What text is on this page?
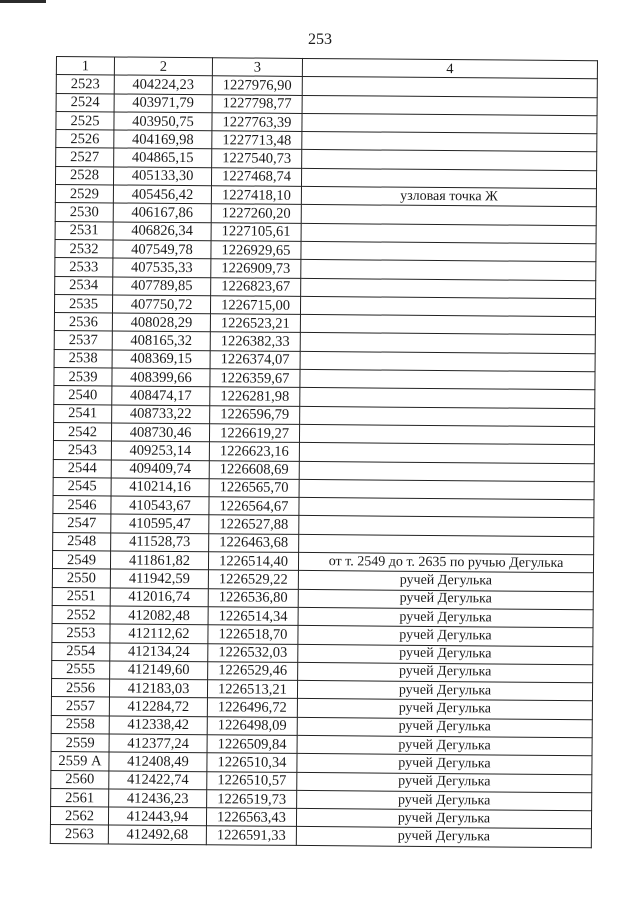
253
1	2	3	4
2523	404224,23	1227976,90	
2524	403971,79	1227798,77	
2525	403950,75	1227763,39	
2526	404169,98	1227713,48	
2527	404865,15	1227540,73	
2528	405133,30	1227468,74	
2529	405456,42	1227418,10	узловая точка Ж
2530	406167,86	1227260,20	
2531	406826,34	1227105,61	
2532	407549,78	1226929,65	
2533	407535,33	1226909,73	
2534	407789,85	1226823,67	
2535	407750,72	1226715,00	
2536	408028,29	1226523,21	
2537	408165,32	1226382,33	
2538	408369,15	1226374,07	
2539	408399,66	1226359,67	
2540	408474,17	1226281,98	
2541	408733,22	1226596,79	
2542	408730,46	1226619,27	
2543	409253,14	1226623,16	
2544	409409,74	1226608,69	
2545	410214,16	1226565,70	
2546	410543,67	1226564,67	
2547	410595,47	1226527,88	
2548	411528,73	1226463,68	
2549	411861,82	1226514,40	от т. 2549 до т. 2635 по ручью Дегулька
2550	411942,59	1226529,22	ручей Дегулька
2551	412016,74	1226536,80	ручей Дегулька
2552	412082,48	1226514,34	ручей Дегулька
2553	412112,62	1226518,70	ручей Дегулька
2554	412134,24	1226532,03	ручей Дегулька
2555	412149,60	1226529,46	ручей Дегулька
2556	412183,03	1226513,21	ручей Дегулька
2557	412284,72	1226496,72	ручей Дегулька
2558	412338,42	1226498,09	ручей Дегулька
2559	412377,24	1226509,84	ручей Дегулька
2559 А	412408,49	1226510,34	ручей Дегулька
2560	412422,74	1226510,57	ручей Дегулька
2561	412436,23	1226519,73	ручей Дегулька
2562	412443,94	1226563,43	ручей Дегулька
2563	412492,68	1226591,33	ручей Дегулька
